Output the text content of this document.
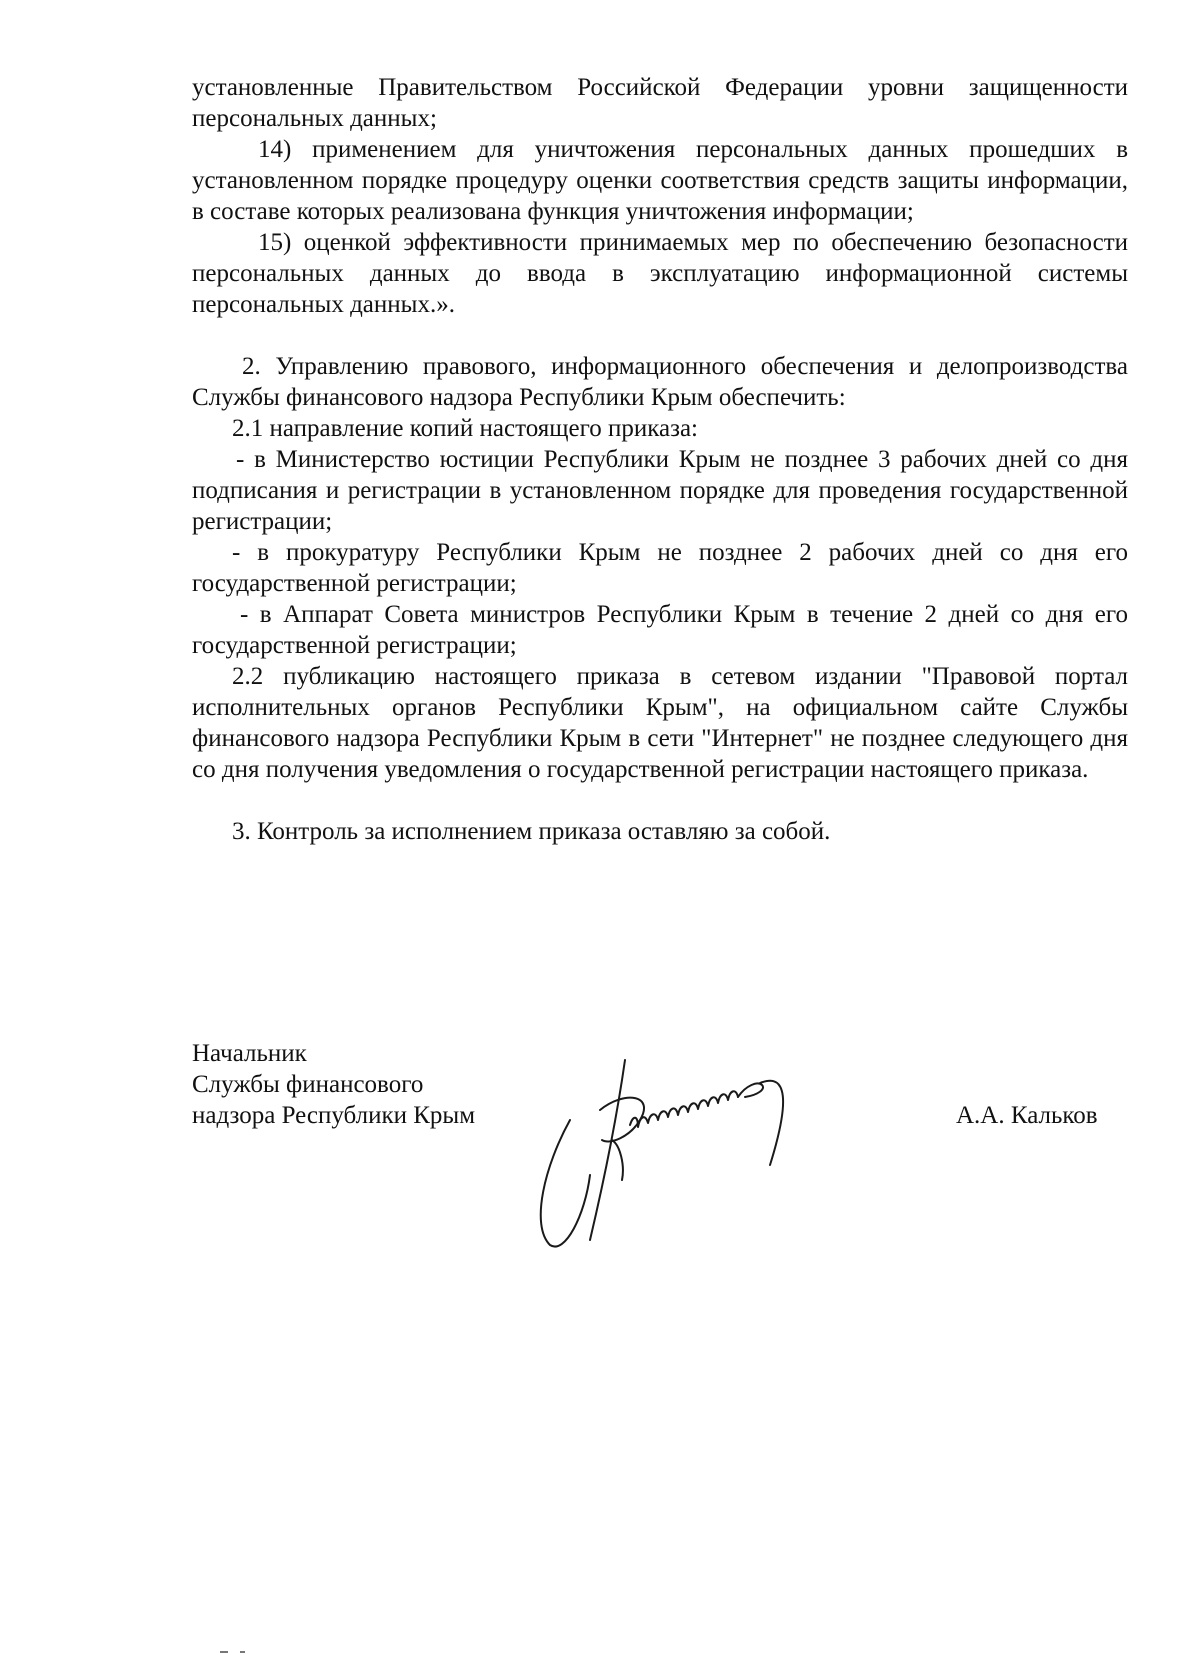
установленные Правительством Российской Федерации уровни защищенности персональных данных;

14) применением для уничтожения персональных данных прошедших в установленном порядке процедуру оценки соответствия средств защиты информации, в составе которых реализована функция уничтожения информации;

15) оценкой эффективности принимаемых мер по обеспечению безопасности персональных данных до ввода в эксплуатацию информационной системы персональных данных.».

2. Управлению правового, информационного обеспечения и делопроизводства Службы финансового надзора Республики Крым обеспечить:

2.1 направление копий настоящего приказа:

- в Министерство юстиции Республики Крым не позднее 3 рабочих дней со дня подписания и регистрации в установленном порядке для проведения государственной регистрации;

- в прокуратуру Республики Крым не позднее 2 рабочих дней со дня его государственной регистрации;

- в Аппарат Совета министров Республики Крым в течение 2 дней со дня его государственной регистрации;

2.2 публикацию настоящего приказа в сетевом издании "Правовой портал исполнительных органов Республики Крым", на официальном сайте Службы финансового надзора Республики Крым в сети "Интернет" не позднее следующего дня со дня получения уведомления о государственной регистрации настоящего приказа.

3. Контроль за исполнением приказа оставляю за собой.

Начальник
Службы финансового
надзора Республики Крым	А.А. Кальков
